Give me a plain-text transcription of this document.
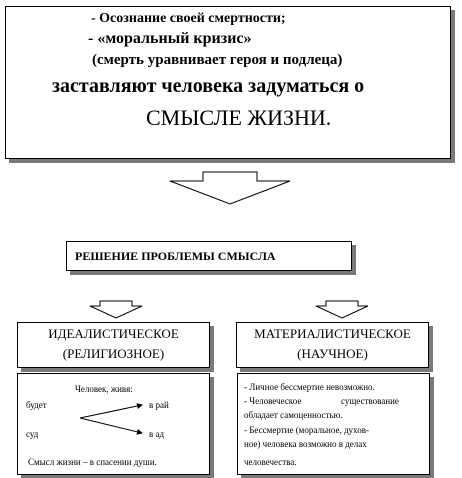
- Осознание своей смертности;
- «моральный кризис»
(смерть уравнивает героя и подлеца)
заставляют человека задуматься о
СМЫСЛЕ ЖИЗНИ.
РЕШЕНИЕ ПРОБЛЕМЫ СМЫСЛА
ИДЕАЛИСТИЧЕСКОЕ
(РЕЛИГИОЗНОЕ)
МАТЕРИАЛИСТИЧЕСКОЕ
(НАУЧНОЕ)
Человек, живя:
будет	в рай
суд	в ад
Смысл жизни – в спасении души.
- Личное бессмертие невозможно.
- Человеческое	существование
обладает самоценностью.
- Бессмертие (моральное, духов-
ное) человека возможно в делах
человечества.
